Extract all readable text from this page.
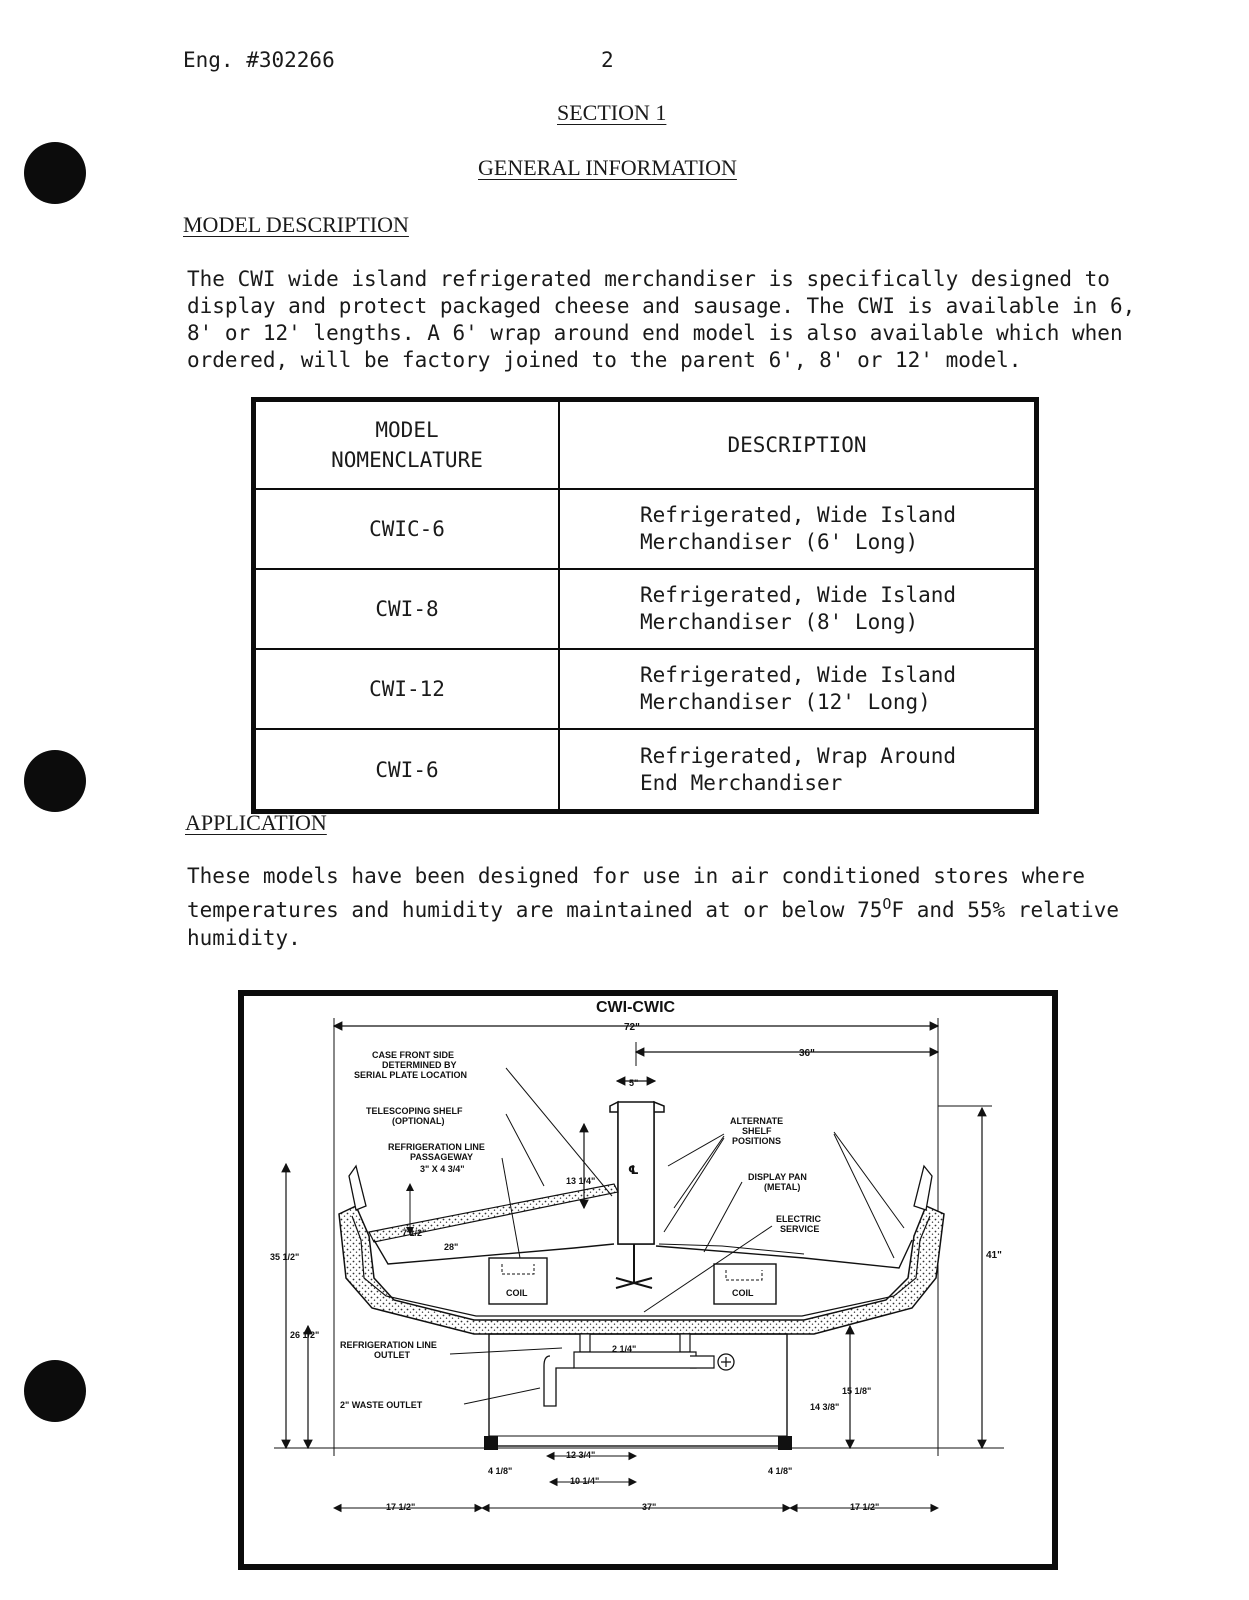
Eng. #302266	2
SECTION 1
GENERAL INFORMATION
MODEL DESCRIPTION
The CWI wide island refrigerated merchandiser is specifically designed to
display and protect packaged cheese and sausage. The CWI is available in 6,
8' or 12' lengths. A 6' wrap around end model is also available which when
ordered, will be factory joined to the parent 6', 8' or 12' model.
MODEL
NOMENCLATURE	DESCRIPTION
CWIC-6	Refrigerated, Wide Island
Merchandiser (6' Long)
CWI-8	Refrigerated, Wide Island
Merchandiser (8' Long)
CWI-12	Refrigerated, Wide Island
Merchandiser (12' Long)
CWI-6	Refrigerated, Wrap Around
End Merchandiser
APPLICATION
These models have been designed for use in air conditioned stores where
temperatures and humidity are maintained at or below $75^OF$ and 55% relative
humidity.
CWI-CWIC
72"
36"
5"
℄
COIL	COIL
41"
35 1/2"
26 1/2"
13 1/4"
7 1/2"
28"
2 1/4"
15 1/8"
14 3/8"
12 3/4"
10 1/4"
4 1/8"	4 1/8"
17 1/2"	37"	17 1/2"
CASE FRONT SIDE
DETERMINED BY
SERIAL PLATE LOCATION
TELESCOPING SHELF
(OPTIONAL)
REFRIGERATION LINE
PASSAGEWAY
3" X 4 3/4"
ALTERNATE
SHELF
POSITIONS
DISPLAY PAN
(METAL)
ELECTRIC
SERVICE
REFRIGERATION LINE
OUTLET
2" WASTE OUTLET
